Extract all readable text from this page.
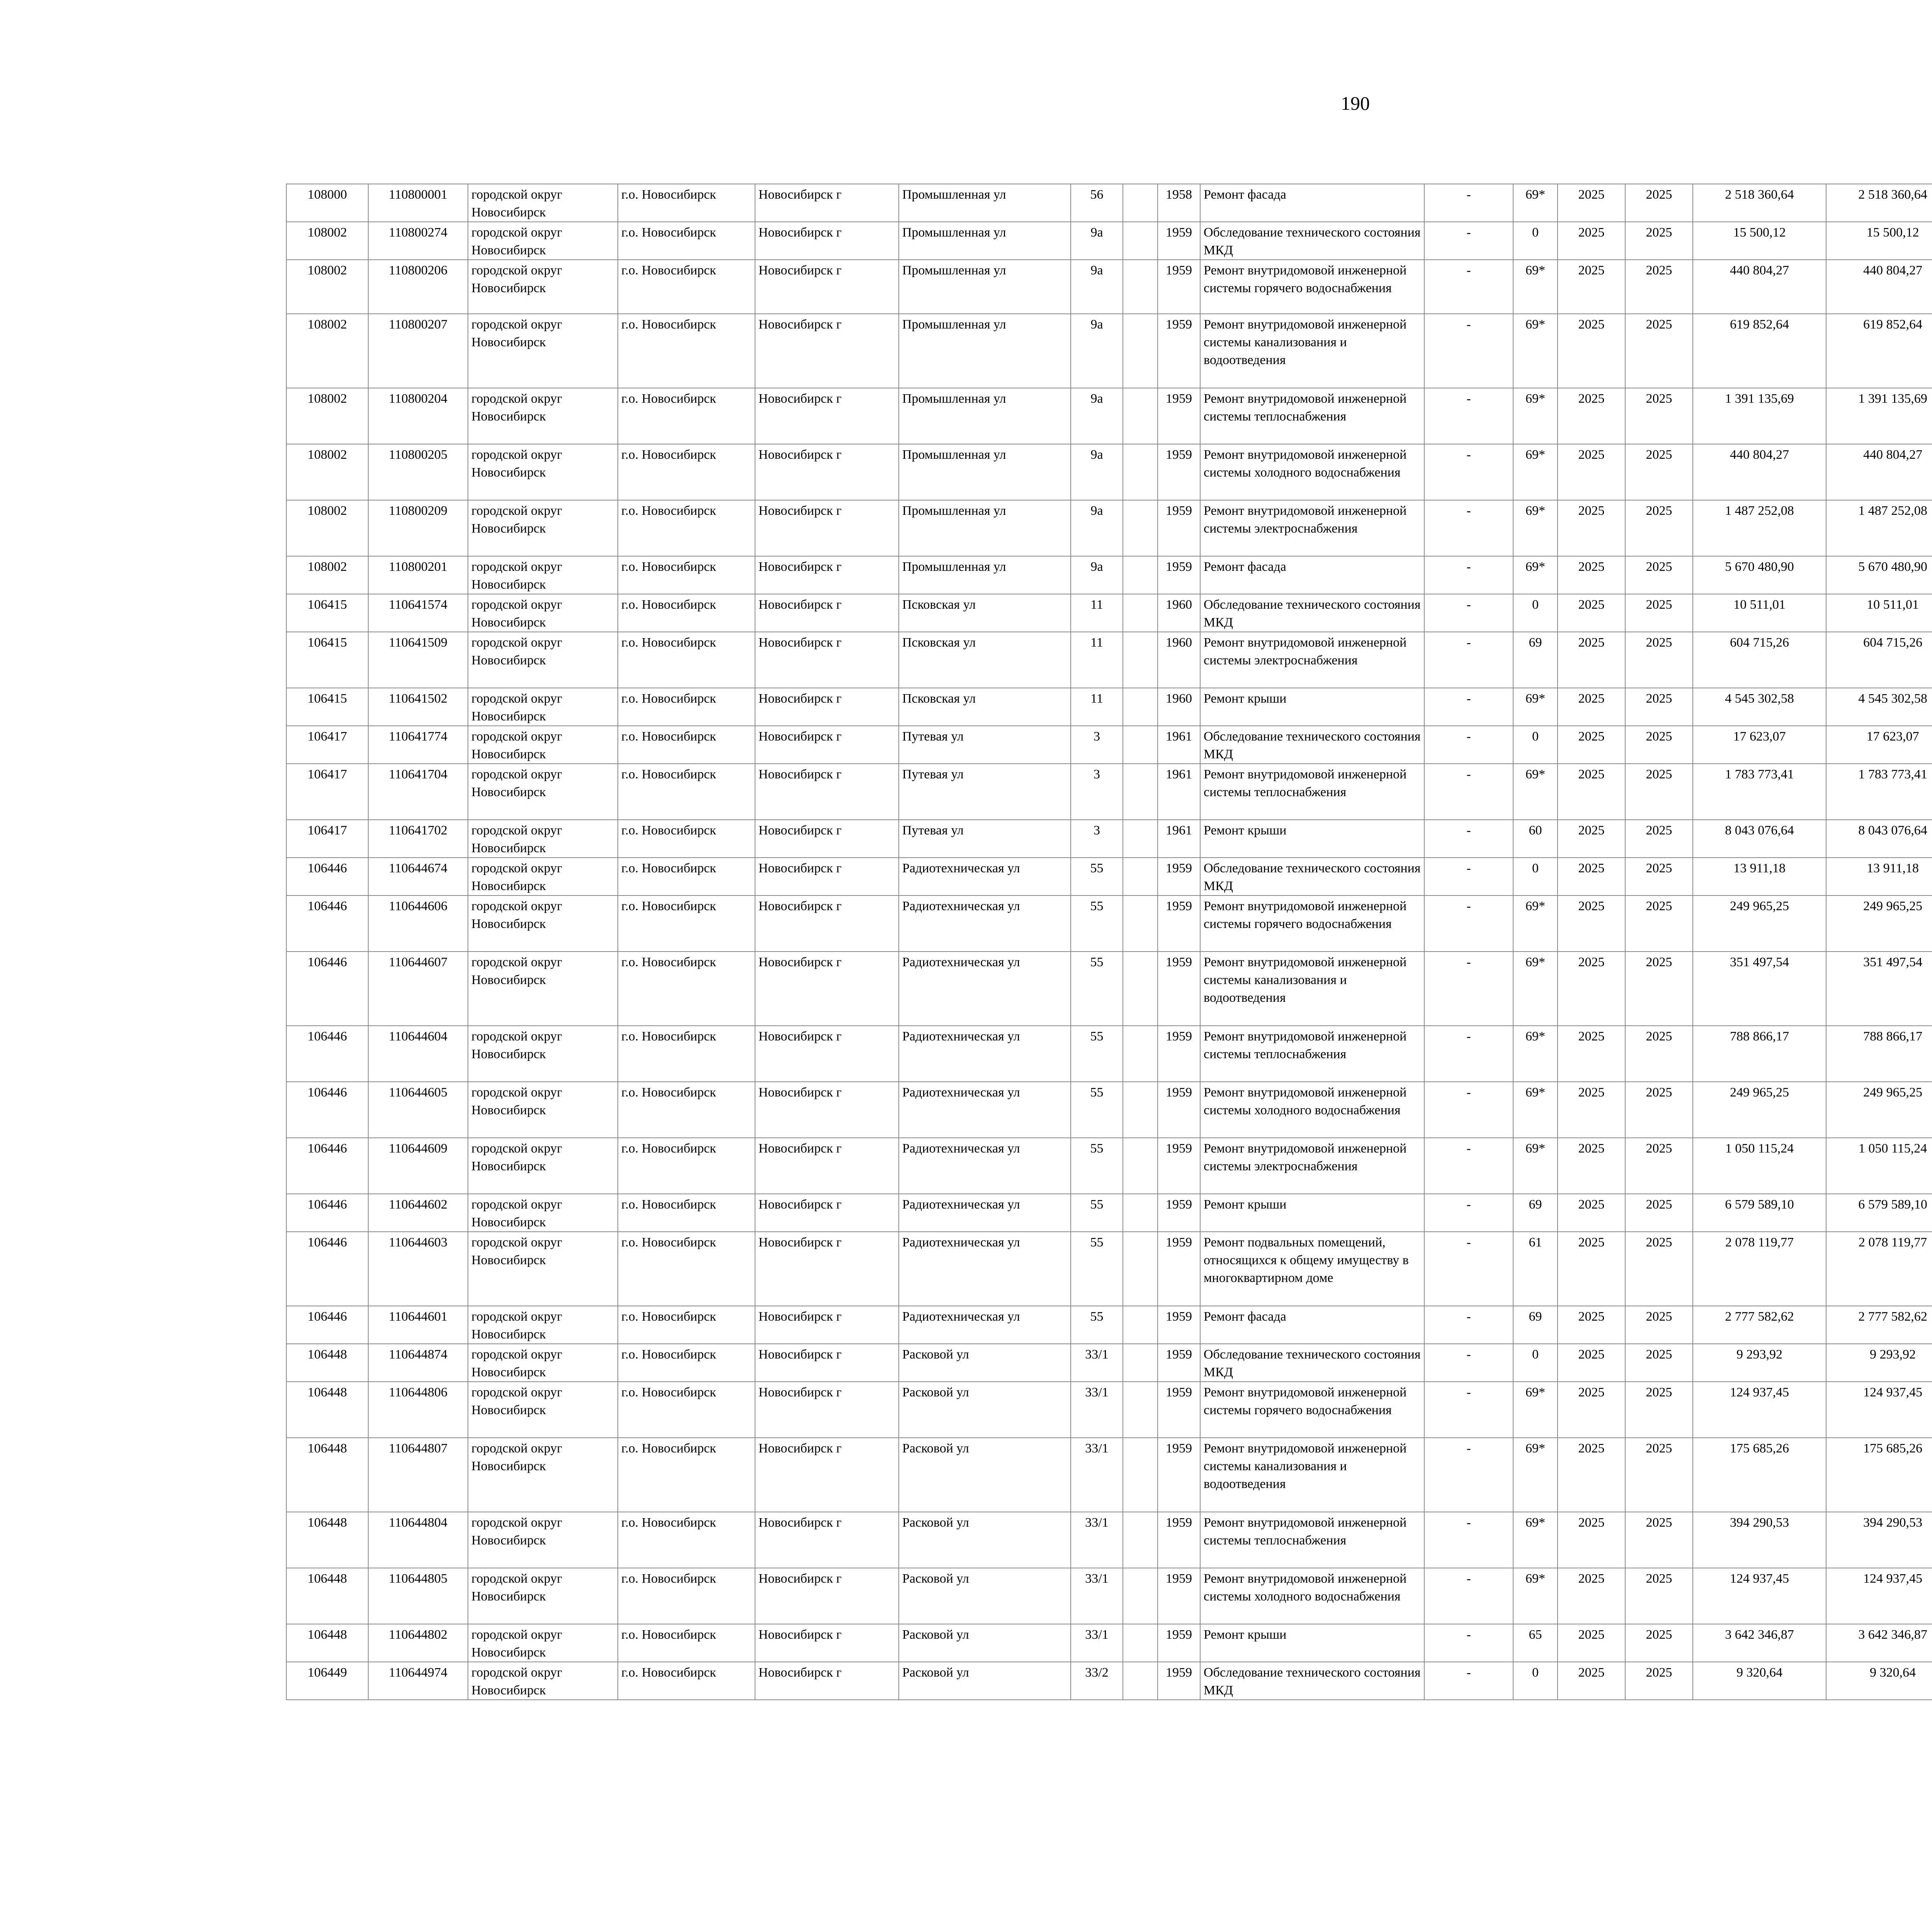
190
108000	110800001	городской округ Новосибирск	г.о. Новосибирск	Новосибирск г	Промышленная ул	56		1958	Ремонт фасада	-	69*	2025	2025	2 518 360,64	2 518 360,64						
108002	110800274	городской округ Новосибирск	г.о. Новосибирск	Новосибирск г	Промышленная ул	9а		1959	Обследование технического состояния МКД	-	0	2025	2025	15 500,12	15 500,12						
108002	110800206	городской округ Новосибирск	г.о. Новосибирск	Новосибирск г	Промышленная ул	9а		1959	Ремонт внутридомовой инженерной системы горячего водоснабжения	-	69*	2025	2025	440 804,27	440 804,27						
108002	110800207	городской округ Новосибирск	г.о. Новосибирск	Новосибирск г	Промышленная ул	9а		1959	Ремонт внутридомовой инженерной системы канализования и водоотведения	-	69*	2025	2025	619 852,64	619 852,64						
108002	110800204	городской округ Новосибирск	г.о. Новосибирск	Новосибирск г	Промышленная ул	9а		1959	Ремонт внутридомовой инженерной системы теплоснабжения	-	69*	2025	2025	1 391 135,69	1 391 135,69						
108002	110800205	городской округ Новосибирск	г.о. Новосибирск	Новосибирск г	Промышленная ул	9а		1959	Ремонт внутридомовой инженерной системы холодного водоснабжения	-	69*	2025	2025	440 804,27	440 804,27						
108002	110800209	городской округ Новосибирск	г.о. Новосибирск	Новосибирск г	Промышленная ул	9а		1959	Ремонт внутридомовой инженерной системы электроснабжения	-	69*	2025	2025	1 487 252,08	1 487 252,08						
108002	110800201	городской округ Новосибирск	г.о. Новосибирск	Новосибирск г	Промышленная ул	9а		1959	Ремонт фасада	-	69*	2025	2025	5 670 480,90	5 670 480,90						
106415	110641574	городской округ Новосибирск	г.о. Новосибирск	Новосибирск г	Псковская ул	11		1960	Обследование технического состояния МКД	-	0	2025	2025	10 511,01	10 511,01						
106415	110641509	городской округ Новосибирск	г.о. Новосибирск	Новосибирск г	Псковская ул	11		1960	Ремонт внутридомовой инженерной системы электроснабжения	-	69	2025	2025	604 715,26	604 715,26						
106415	110641502	городской округ Новосибирск	г.о. Новосибирск	Новосибирск г	Псковская ул	11		1960	Ремонт крыши	-	69*	2025	2025	4 545 302,58	4 545 302,58						
106417	110641774	городской округ Новосибирск	г.о. Новосибирск	Новосибирск г	Путевая ул	3		1961	Обследование технического состояния МКД	-	0	2025	2025	17 623,07	17 623,07						
106417	110641704	городской округ Новосибирск	г.о. Новосибирск	Новосибирск г	Путевая ул	3		1961	Ремонт внутридомовой инженерной системы теплоснабжения	-	69*	2025	2025	1 783 773,41	1 783 773,41						
106417	110641702	городской округ Новосибирск	г.о. Новосибирск	Новосибирск г	Путевая ул	3		1961	Ремонт крыши	-	60	2025	2025	8 043 076,64	8 043 076,64						
106446	110644674	городской округ Новосибирск	г.о. Новосибирск	Новосибирск г	Радиотехническая ул	55		1959	Обследование технического состояния МКД	-	0	2025	2025	13 911,18	13 911,18						
106446	110644606	городской округ Новосибирск	г.о. Новосибирск	Новосибирск г	Радиотехническая ул	55		1959	Ремонт внутридомовой инженерной системы горячего водоснабжения	-	69*	2025	2025	249 965,25	249 965,25						
106446	110644607	городской округ Новосибирск	г.о. Новосибирск	Новосибирск г	Радиотехническая ул	55		1959	Ремонт внутридомовой инженерной системы канализования и водоотведения	-	69*	2025	2025	351 497,54	351 497,54						
106446	110644604	городской округ Новосибирск	г.о. Новосибирск	Новосибирск г	Радиотехническая ул	55		1959	Ремонт внутридомовой инженерной системы теплоснабжения	-	69*	2025	2025	788 866,17	788 866,17						
106446	110644605	городской округ Новосибирск	г.о. Новосибирск	Новосибирск г	Радиотехническая ул	55		1959	Ремонт внутридомовой инженерной системы холодного водоснабжения	-	69*	2025	2025	249 965,25	249 965,25						
106446	110644609	городской округ Новосибирск	г.о. Новосибирск	Новосибирск г	Радиотехническая ул	55		1959	Ремонт внутридомовой инженерной системы электроснабжения	-	69*	2025	2025	1 050 115,24	1 050 115,24						
106446	110644602	городской округ Новосибирск	г.о. Новосибирск	Новосибирск г	Радиотехническая ул	55		1959	Ремонт крыши	-	69	2025	2025	6 579 589,10	6 579 589,10						
106446	110644603	городской округ Новосибирск	г.о. Новосибирск	Новосибирск г	Радиотехническая ул	55		1959	Ремонт подвальных помещений, относящихся к общему имуществу в многоквартирном доме	-	61	2025	2025	2 078 119,77	2 078 119,77						
106446	110644601	городской округ Новосибирск	г.о. Новосибирск	Новосибирск г	Радиотехническая ул	55		1959	Ремонт фасада	-	69	2025	2025	2 777 582,62	2 777 582,62						
106448	110644874	городской округ Новосибирск	г.о. Новосибирск	Новосибирск г	Расковой ул	33/1		1959	Обследование технического состояния МКД	-	0	2025	2025	9 293,92	9 293,92						
106448	110644806	городской округ Новосибирск	г.о. Новосибирск	Новосибирск г	Расковой ул	33/1		1959	Ремонт внутридомовой инженерной системы горячего водоснабжения	-	69*	2025	2025	124 937,45	124 937,45						
106448	110644807	городской округ Новосибирск	г.о. Новосибирск	Новосибирск г	Расковой ул	33/1		1959	Ремонт внутридомовой инженерной системы канализования и водоотведения	-	69*	2025	2025	175 685,26	175 685,26						
106448	110644804	городской округ Новосибирск	г.о. Новосибирск	Новосибирск г	Расковой ул	33/1		1959	Ремонт внутридомовой инженерной системы теплоснабжения	-	69*	2025	2025	394 290,53	394 290,53						
106448	110644805	городской округ Новосибирск	г.о. Новосибирск	Новосибирск г	Расковой ул	33/1		1959	Ремонт внутридомовой инженерной системы холодного водоснабжения	-	69*	2025	2025	124 937,45	124 937,45						
106448	110644802	городской округ Новосибирск	г.о. Новосибирск	Новосибирск г	Расковой ул	33/1		1959	Ремонт крыши	-	65	2025	2025	3 642 346,87	3 642 346,87						
106449	110644974	городской округ Новосибирск	г.о. Новосибирск	Новосибирск г	Расковой ул	33/2		1959	Обследование технического состояния МКД	-	0	2025	2025	9 320,64	9 320,64						
